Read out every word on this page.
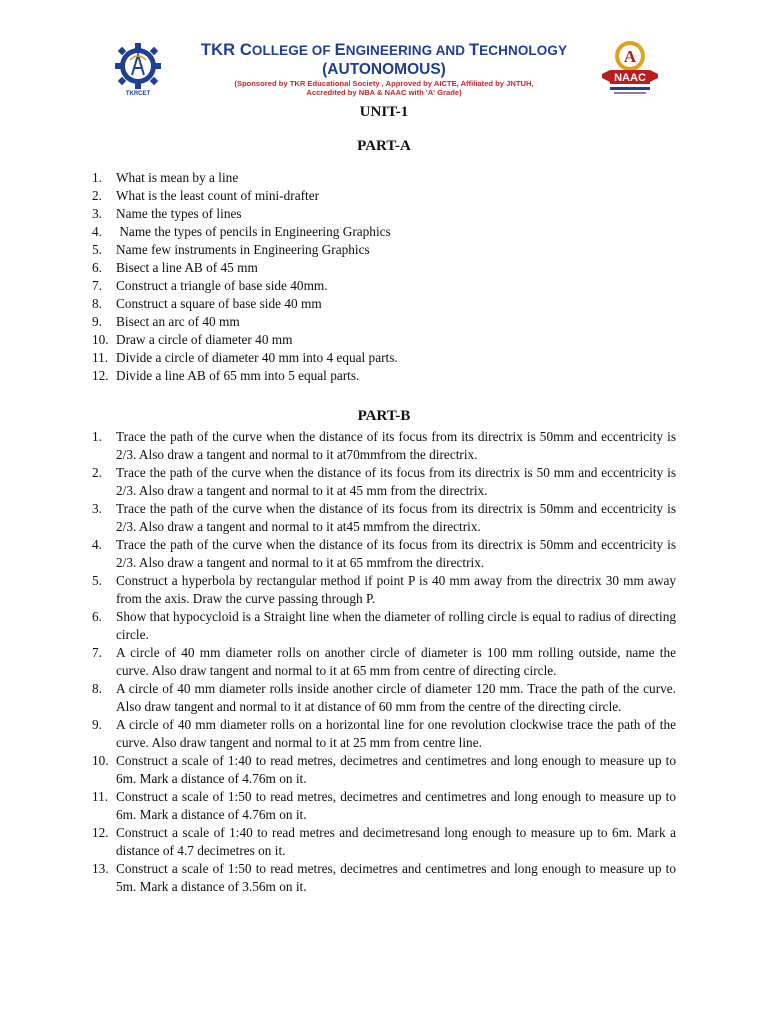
TKRCET
TKR COLLEGE OF ENGINEERING AND TECHNOLOGY
(AUTONOMOUS)
(Sponsored by TKR Educational Society , Approved by AICTE, Affiliated by JNTUH,
Accredited by NBA & NAAC with 'A' Grade)
A
NAAC
UNIT-1
PART-A
1. What is mean by a line
2. What is the least count of mini-drafter
3. Name the types of lines
4. Name the types of pencils in Engineering Graphics
5. Name few instruments in Engineering Graphics
6. Bisect a line AB of 45 mm
7. Construct a triangle of base side 40mm.
8. Construct a square of base side 40 mm
9. Bisect an arc of 40 mm
10. Draw a circle of diameter 40 mm
11. Divide a circle of diameter 40 mm into 4 equal parts.
12. Divide a line AB of 65 mm into 5 equal parts.
PART-B
1. Trace the path of the curve when the distance of its focus from its directrix is 50mm and eccentricity is 2/3. Also draw a tangent and normal to it at70mmfrom the directrix.
2. Trace the path of the curve when the distance of its focus from its directrix is 50 mm and eccentricity is 2/3. Also draw a tangent and normal to it at 45 mm from the directrix.
3. Trace the path of the curve when the distance of its focus from its directrix is 50mm and eccentricity is 2/3. Also draw a tangent and normal to it at45 mmfrom the directrix.
4. Trace the path of the curve when the distance of its focus from its directrix is 50mm and eccentricity is 2/3. Also draw a tangent and normal to it at 65 mmfrom the directrix.
5. Construct a hyperbola by rectangular method if point P is 40 mm away from the directrix 30 mm away from the axis. Draw the curve passing through P.
6. Show that hypocycloid is a Straight line when the diameter of rolling circle is equal to radius of directing circle.
7. A circle of 40 mm diameter rolls on another circle of diameter is 100 mm rolling outside, name the curve. Also draw tangent and normal to it at 65 mm from centre of directing circle.
8. A circle of 40 mm diameter rolls inside another circle of diameter 120 mm. Trace the path of the curve. Also draw tangent and normal to it at distance of 60 mm from the centre of the directing circle.
9. A circle of 40 mm diameter rolls on a horizontal line for one revolution clockwise trace the path of the curve. Also draw tangent and normal to it at 25 mm from centre line.
10. Construct a scale of 1:40 to read metres, decimetres and centimetres and long enough to measure up to 6m. Mark a distance of 4.76m on it.
11. Construct a scale of 1:50 to read metres, decimetres and centimetres and long enough to measure up to 6m. Mark a distance of 4.76m on it.
12. Construct a scale of 1:40 to read metres and decimetresand long enough to measure up to 6m. Mark a distance of 4.7 decimetres on it.
13. Construct a scale of 1:50 to read metres, decimetres and centimetres and long enough to measure up to 5m. Mark a distance of 3.56m on it.
